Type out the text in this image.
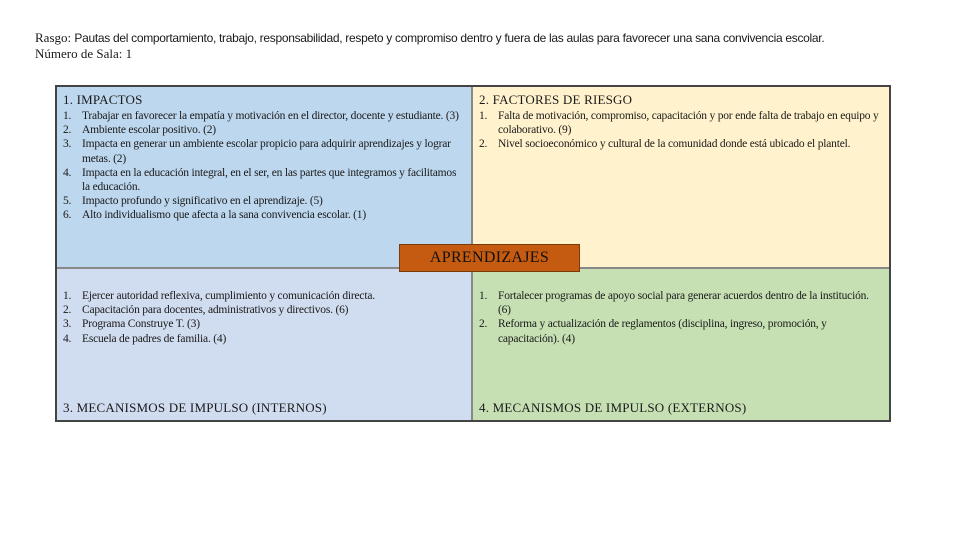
Rasgo: Pautas del comportamiento, trabajo, responsabilidad, respeto y compromiso dentro y fuera de las aulas para favorecer una sana convivencia escolar.
Número de Sala: 1
1. IMPACTOS
1. Trabajar en favorecer la empatía y motivación en el director, docente y estudiante. (3)
2. Ambiente escolar positivo. (2)
3. Impacta en generar un ambiente escolar propicio para adquirir aprendizajes y lograr metas. (2)
4. Impacta en la educación integral, en el ser, en las partes que integramos y facilitamos la educación.
5. Impacto profundo y significativo en el aprendizaje. (5)
6. Alto individualismo que afecta a la sana convivencia escolar. (1)
2. FACTORES DE RIESGO
1. Falta de motivación, compromiso, capacitación y por ende falta de trabajo en equipo y colaborativo. (9)
2. Nivel socioeconómico y cultural de la comunidad donde está ubicado el plantel.
1. Ejercer autoridad reflexiva, cumplimiento y comunicación directa.
2. Capacitación para docentes, administrativos y directivos. (6)
3. Programa Construye T. (3)
4. Escuela de padres de familia. (4)
3. MECANISMOS DE IMPULSO (INTERNOS)
1. Fortalecer programas de apoyo social para generar acuerdos dentro de la institución. (6)
2. Reforma y actualización de reglamentos (disciplina, ingreso, promoción, y capacitación). (4)
4. MECANISMOS DE IMPULSO (EXTERNOS)
APRENDIZAJES
